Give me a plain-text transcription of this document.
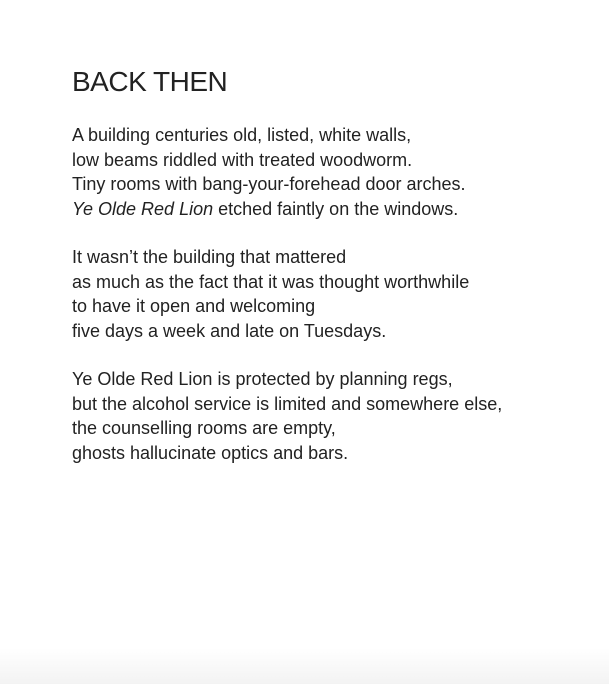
BACK THEN

A building centuries old, listed, white walls,
low beams riddled with treated woodworm.
Tiny rooms with bang-your-forehead door arches.
Ye Olde Red Lion etched faintly on the windows.

It wasn’t the building that mattered
as much as the fact that it was thought worthwhile
to have it open and welcoming
five days a week and late on Tuesdays.

Ye Olde Red Lion is protected by planning regs,
but the alcohol service is limited and somewhere else,
the counselling rooms are empty,
ghosts hallucinate optics and bars.
